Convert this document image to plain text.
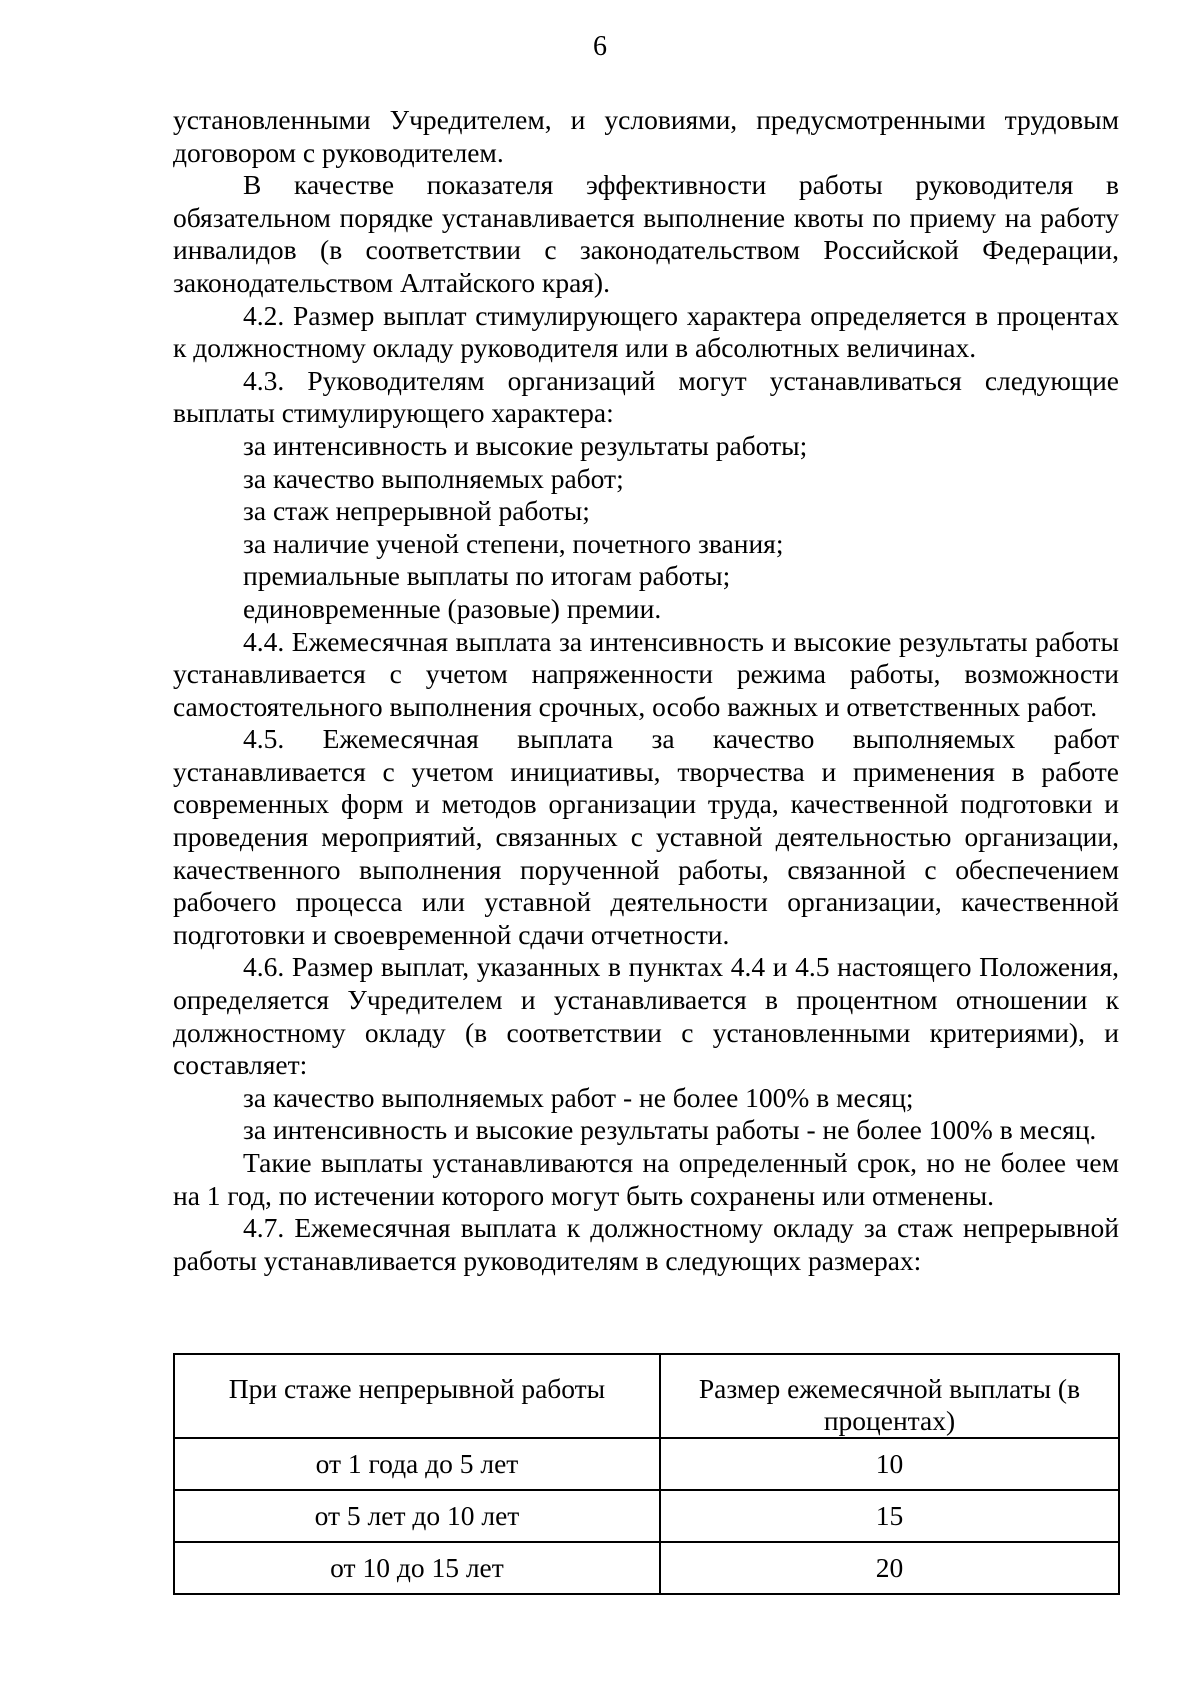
6

установленными Учредителем, и условиями, предусмотренными трудовым договором с руководителем.

В качестве показателя эффективности работы руководителя в обязательном порядке устанавливается выполнение квоты по приему на работу инвалидов (в соответствии с законодательством Российской Федерации, законодательством Алтайского края).

4.2. Размер выплат стимулирующего характера определяется в процентах к должностному окладу руководителя или в абсолютных величинах.

4.3. Руководителям организаций могут устанавливаться следующие выплаты стимулирующего характера:

за интенсивность и высокие результаты работы;

за качество выполняемых работ;

за стаж непрерывной работы;

за наличие ученой степени, почетного звания;

премиальные выплаты по итогам работы;

единовременные (разовые) премии.

4.4. Ежемесячная выплата за интенсивность и высокие результаты работы устанавливается с учетом напряженности режима работы, возможности самостоятельного выполнения срочных, особо важных и ответственных работ.

4.5. Ежемесячная выплата за качество выполняемых работ устанавливается с учетом инициативы, творчества и применения в работе современных форм и методов организации труда, качественной подготовки и проведения мероприятий, связанных с уставной деятельностью организации, качественного выполнения порученной работы, связанной с обеспечением рабочего процесса или уставной деятельности организации, качественной подготовки и своевременной сдачи отчетности.

4.6. Размер выплат, указанных в пунктах 4.4 и 4.5 настоящего Положения, определяется Учредителем и устанавливается в процентном отношении к должностному окладу (в соответствии с установленными критериями), и составляет:

за качество выполняемых работ - не более 100% в месяц;

за интенсивность и высокие результаты работы - не более 100% в месяц.

Такие выплаты устанавливаются на определенный срок, но не более чем на 1 год, по истечении которого могут быть сохранены или отменены.

4.7. Ежемесячная выплата к должностному окладу за стаж непрерывной работы устанавливается руководителям в следующих размерах:

При стаже непрерывной работы	Размер ежемесячной выплаты (в процентах)
от 1 года до 5 лет	10
от 5 лет до 10 лет	15
от 10 до 15 лет	20
